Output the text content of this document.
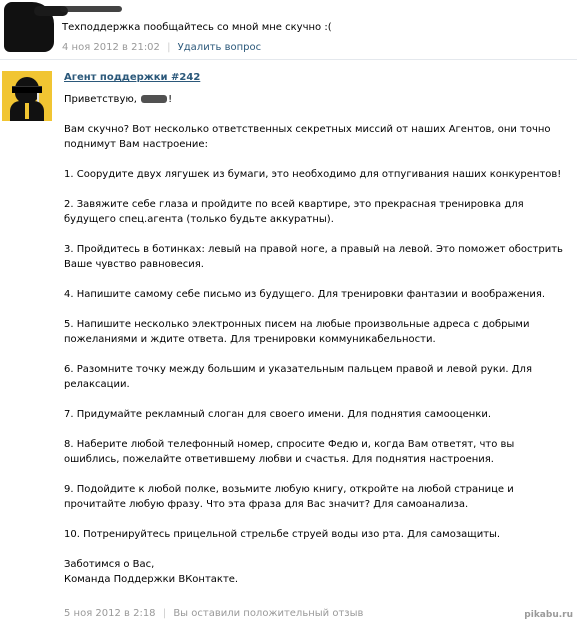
Техподдержка пообщайтесь со мной мне скучно :(
4 ноя 2012 в 21:02 | Удалить вопрос
Агент поддержки #242

Приветствую,	!

Вам скучно? Вот несколько ответственных секретных миссий от наших Агентов, они точно поднимут Вам настроение:

1. Соорудите двух лягушек из бумаги, это необходимо для отпугивания наших конкурентов!

2. Завяжите себе глаза и пройдите по всей квартире, это прекрасная тренировка для будущего спец.агента (только будьте аккуратны).

3. Пройдитесь в ботинках: левый на правой ноге, а правый на левой. Это поможет обострить Ваше чувство равновесия.

4. Напишите самому себе письмо из будущего. Для тренировки фантазии и воображения.

5. Напишите несколько электронных писем на любые произвольные адреса с добрыми пожеланиями и ждите ответа. Для тренировки коммуникабельности.

6. Разомните точку между большим и указательным пальцем правой и левой руки. Для релаксации.

7. Придумайте рекламный слоган для своего имени. Для поднятия самооценки.

8. Наберите любой телефонный номер, спросите Федю и, когда Вам ответят, что вы ошиблись, пожелайте ответившему любви и счастья. Для поднятия настроения.

9. Подойдите к любой полке, возьмите любую книгу, откройте на любой странице и прочитайте любую фразу. Что эта фраза для Вас значит? Для самоанализа.

10. Потренируйтесь прицельной стрельбе струей воды изо рта. Для самозащиты.

Заботимся о Вас,
Команда Поддержки ВКонтакте.

5 ноя 2012 в 2:18 | Вы оставили положительный отзыв	pikabu.ru
